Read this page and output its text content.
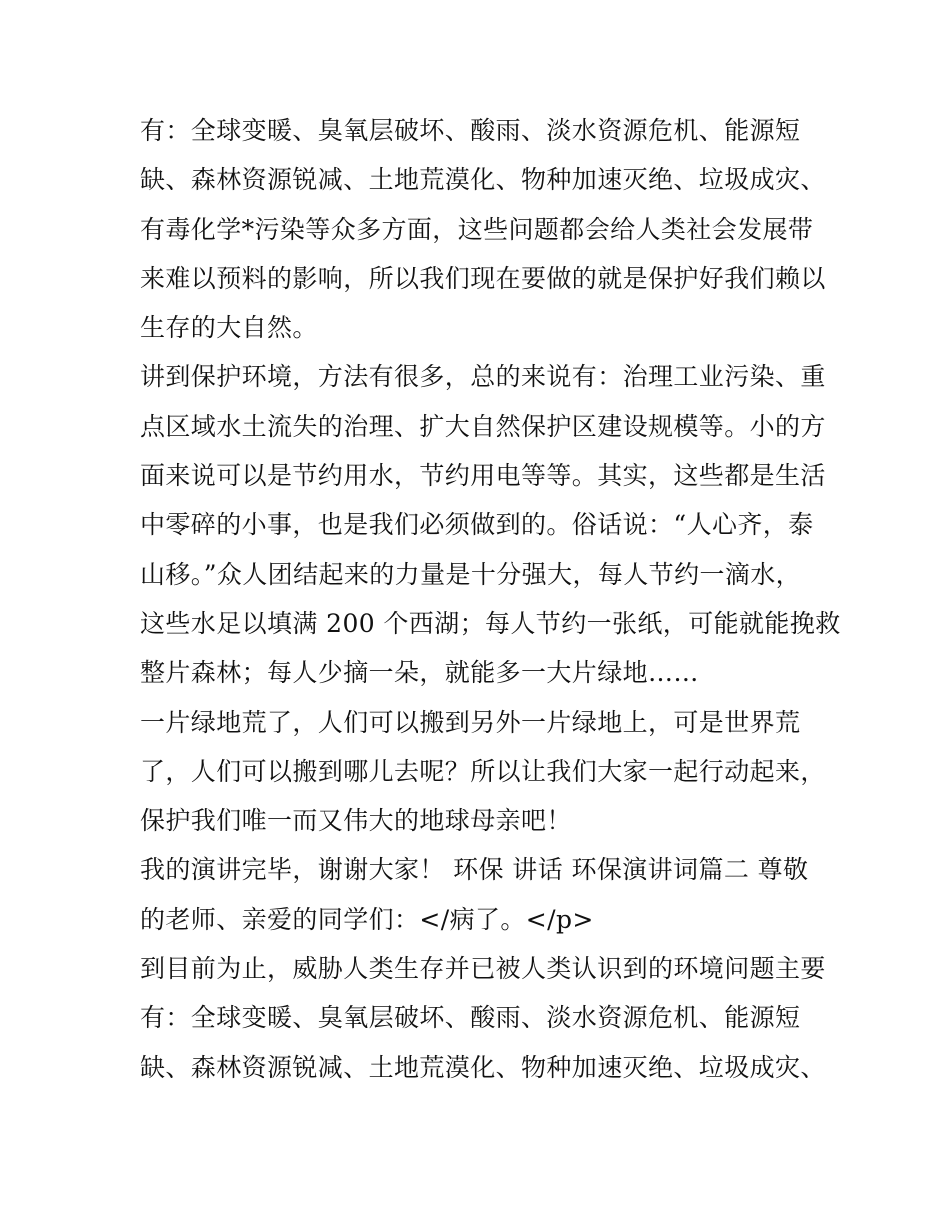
有：全球变暖、臭氧层破坏、酸雨、淡水资源危机、能源短
缺、森林资源锐减、土地荒漠化、物种加速灭绝、垃圾成灾、
有毒化学*污染等众多方面，这些问题都会给人类社会发展带
来难以预料的影响，所以我们现在要做的就是保护好我们赖以
生存的大自然。
讲到保护环境，方法有很多，总的来说有：治理工业污染、重
点区域水土流失的治理、扩大自然保护区建设规模等。小的方
面来说可以是节约用水，节约用电等等。其实，这些都是生活
中零碎的小事，也是我们必须做到的。俗话说：“人心齐，泰
山移。”众人团结起来的力量是十分强大，每人节约一滴水，
这些水足以填满 200 个西湖；每人节约一张纸，可能就能挽救
整片森林；每人少摘一朵，就能多一大片绿地……
一片绿地荒了，人们可以搬到另外一片绿地上，可是世界荒
了，人们可以搬到哪儿去呢？所以让我们大家一起行动起来，
保护我们唯一而又伟大的地球母亲吧！
我的演讲完毕，谢谢大家！ 环保 讲话 环保演讲词篇二 尊敬
的老师、亲爱的同学们：</病了。</p>
到目前为止，威胁人类生存并已被人类认识到的环境问题主要
有：全球变暖、臭氧层破坏、酸雨、淡水资源危机、能源短
缺、森林资源锐减、土地荒漠化、物种加速灭绝、垃圾成灾、
